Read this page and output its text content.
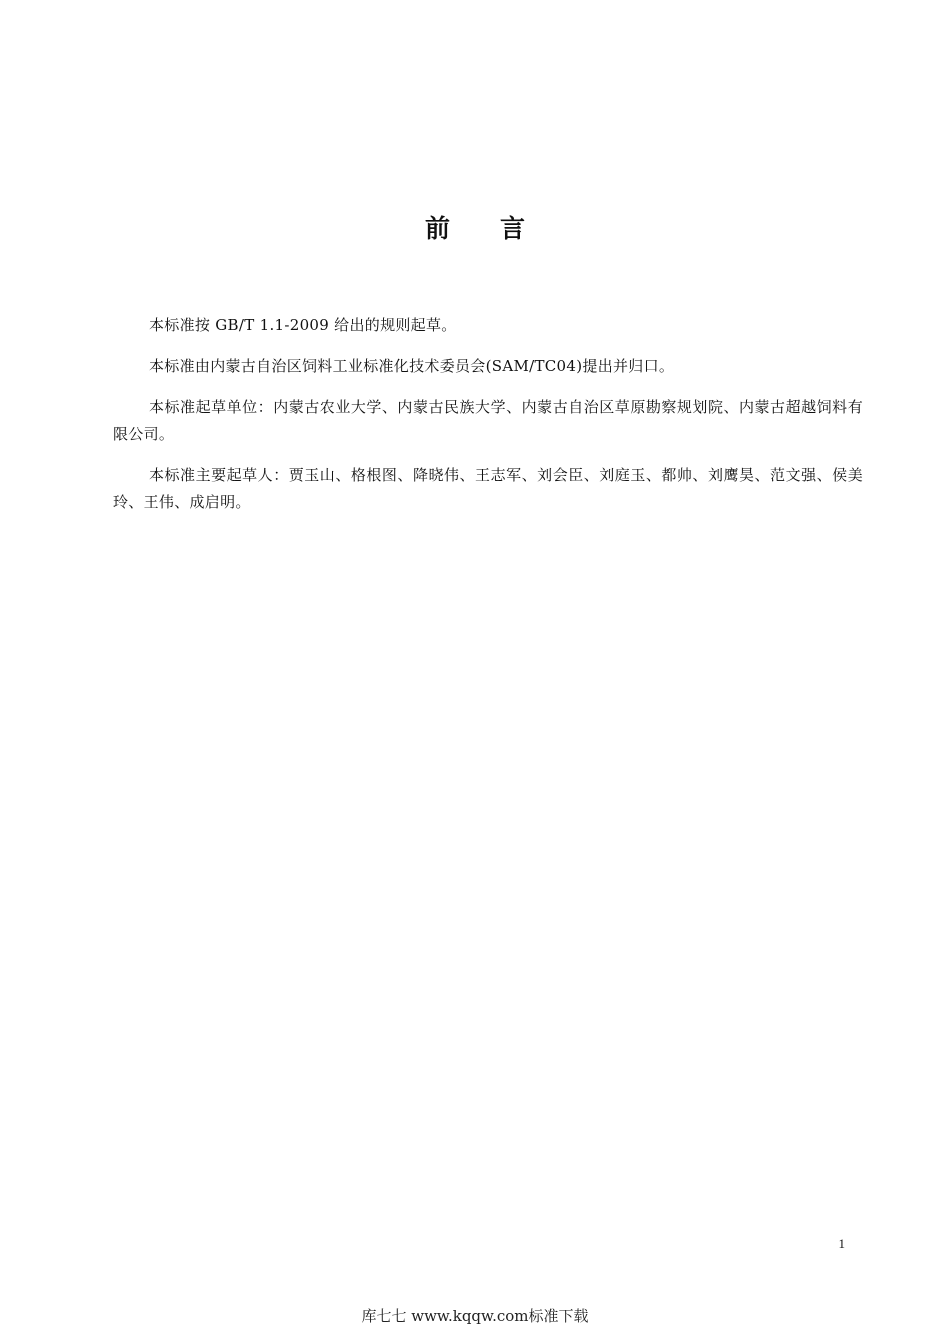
前言

本标准按 GB/T 1.1-2009 给出的规则起草。

本标准由内蒙古自治区饲料工业标准化技术委员会(SAM/TC04)提出并归口。

本标准起草单位：内蒙古农业大学、内蒙古民族大学、内蒙古自治区草原勘察规划院、内蒙古超越饲料有限公司。

本标准主要起草人：贾玉山、格根图、降晓伟、王志军、刘会臣、刘庭玉、都帅、刘鹰昊、范文强、侯美玲、王伟、成启明。

1
库七七 www.kqqw.com标准下载
